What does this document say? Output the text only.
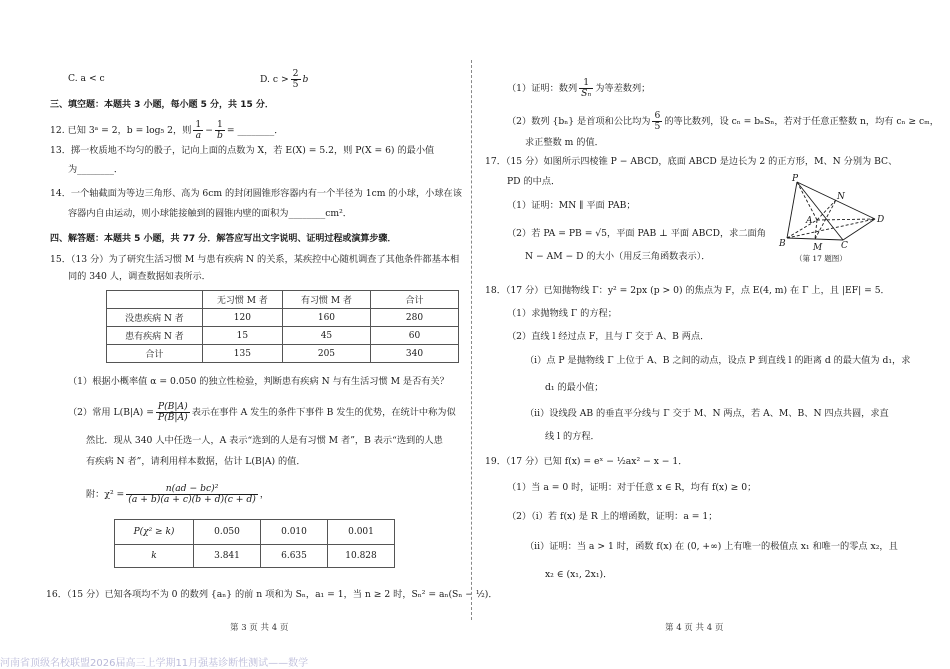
C. a < c	D. $c > \frac{2}{5}$ b
三、填空题：本题共 3 小题，每小题 5 分，共 15 分．
12. 已知 3ᵃ = 2，b = log₅ 2，则 $\frac{1}{a} - \frac{1}{b}$ = ________．
13．掷一枚质地不均匀的骰子，记向上面的点数为 X，若 E(X) = 5.2，则 P(X = 6) 的最小值
为________．
14．一个轴截面为等边三角形、高为 6cm 的封闭圆锥形容器内有一个半径为 1cm 的小球，小球在该
容器内自由运动，则小球能接触到的圆锥内壁的面积为________cm²．
四、解答题：本题共 5 小题，共 77 分．解答应写出文字说明、证明过程或演算步骤．
15．（13 分）为了研究生活习惯 M 与患有疾病 N 的关系，某疾控中心随机调查了其他条件都基本相
同的 340 人，调查数据如表所示．
	无习惯 M 者	有习惯 M 者	合计
没患疾病 N 者	120	160	280
患有疾病 N 者	15	45	60
合计	135	205	340
（1）根据小概率值 α = 0.050 的独立性检验，判断患有疾病 N 与有生活习惯 M 是否有关？
（2）常用 $L(B|A) = \frac{P(B|A)}{P(B̄|A)}$ 表示在事件 A 发生的条件下事件 B 发生的优势，在统计中称为似
然比．现从 340 人中任选一人，A 表示“选到的人是有习惯 M 者”，B 表示“选到的人患
有疾病 N 者”，请利用样本数据，估计 L(B|A) 的值．
附：$\chi^2 = \frac{\text{n(ad − bc)²}}{(a + b)(a + c)(b + d)(c + d)}$ ，
P(χ² ≥ k)	0.050	0.010	0.001
k	3.841	6.635	10.828
16．（15 分）已知各项均不为 0 的数列 {aₙ} 的前 n 项和为 Sₙ，a₁ = 1，当 n ≥ 2 时，Sₙ² = aₙ(Sₙ − ½)．
第 3 页 共 4 页
（1）证明：数列 $\frac{1}{\text{Sₙ}}$ 为等差数列；
（2）数列 {bₙ} 是首项和公比均为 $\frac{6}{5}$ 的等比数列，设 cₙ = bₙSₙ，若对于任意正整数 n，均有 cₙ ≥ cₘ，
求正整数 m 的值．
17．（15 分）如图所示四棱锥 P − ABCD，底面 ABCD 是边长为 2 的正方形，M、N 分别为 BC、
PD 的中点．
（1）证明：MN ∥ 平面 PAB；
（2）若 PA = PB = √5，平面 PAB ⊥ 平面 ABCD，求二面角
N − AM − D 的大小（用反三角函数表示）．
P
N
A	D
B	M C
（第 17 题图）
18．（17 分）已知抛物线 Γ：y² = 2px (p > 0) 的焦点为 F，点 E(4, m) 在 Γ 上，且 |EF| = 5．
（1）求抛物线 Γ 的方程；
（2）直线 l 经过点 F，且与 Γ 交于 A、B 两点．
（i）点 P 是抛物线 Γ 上位于 A、B 之间的动点，设点 P 到直线 l 的距离 d 的最大值为 d₁，求
d₁ 的最小值；
（ii）设线段 AB 的垂直平分线与 Γ 交于 M、N 两点，若 A、M、B、N 四点共圆，求直
线 l 的方程．
19．（17 分）已知 f(x) = eˣ − ½ax² − x − 1．
（1）当 a = 0 时，证明：对于任意 x ∈ R，均有 f(x) ≥ 0；
（2）（i）若 f(x) 是 R 上的增函数，证明：a = 1；
（ii）证明：当 a > 1 时，函数 f(x) 在 (0, +∞) 上有唯一的极值点 x₁ 和唯一的零点 x₂，且
x₂ ∈ (x₁, 2x₁)．
第 4 页 共 4 页
河南省顶级名校联盟2026届高三上学期11月强基诊断性测试——数学
